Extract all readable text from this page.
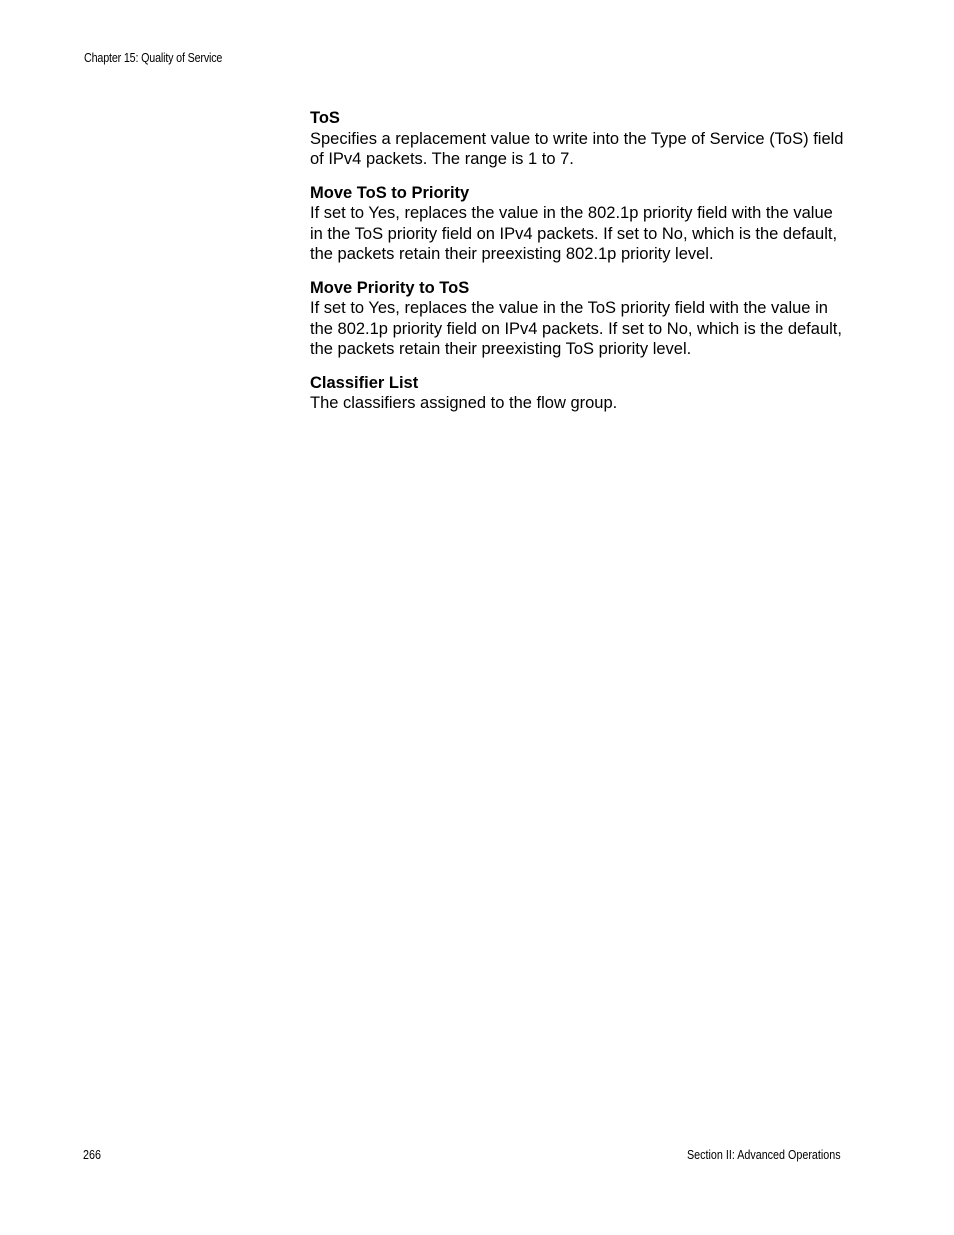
Chapter 15: Quality of Service

ToS

Specifies a replacement value to write into the Type of Service (ToS) field of IPv4 packets. The range is 1 to 7.

Move ToS to Priority

If set to Yes, replaces the value in the 802.1p priority field with the value in the ToS priority field on IPv4 packets. If set to No, which is the default, the packets retain their preexisting 802.1p priority level.

Move Priority to ToS

If set to Yes, replaces the value in the ToS priority field with the value in the 802.1p priority field on IPv4 packets. If set to No, which is the default, the packets retain their preexisting ToS priority level.

Classifier List

The classifiers assigned to the flow group.

266	Section II: Advanced Operations
